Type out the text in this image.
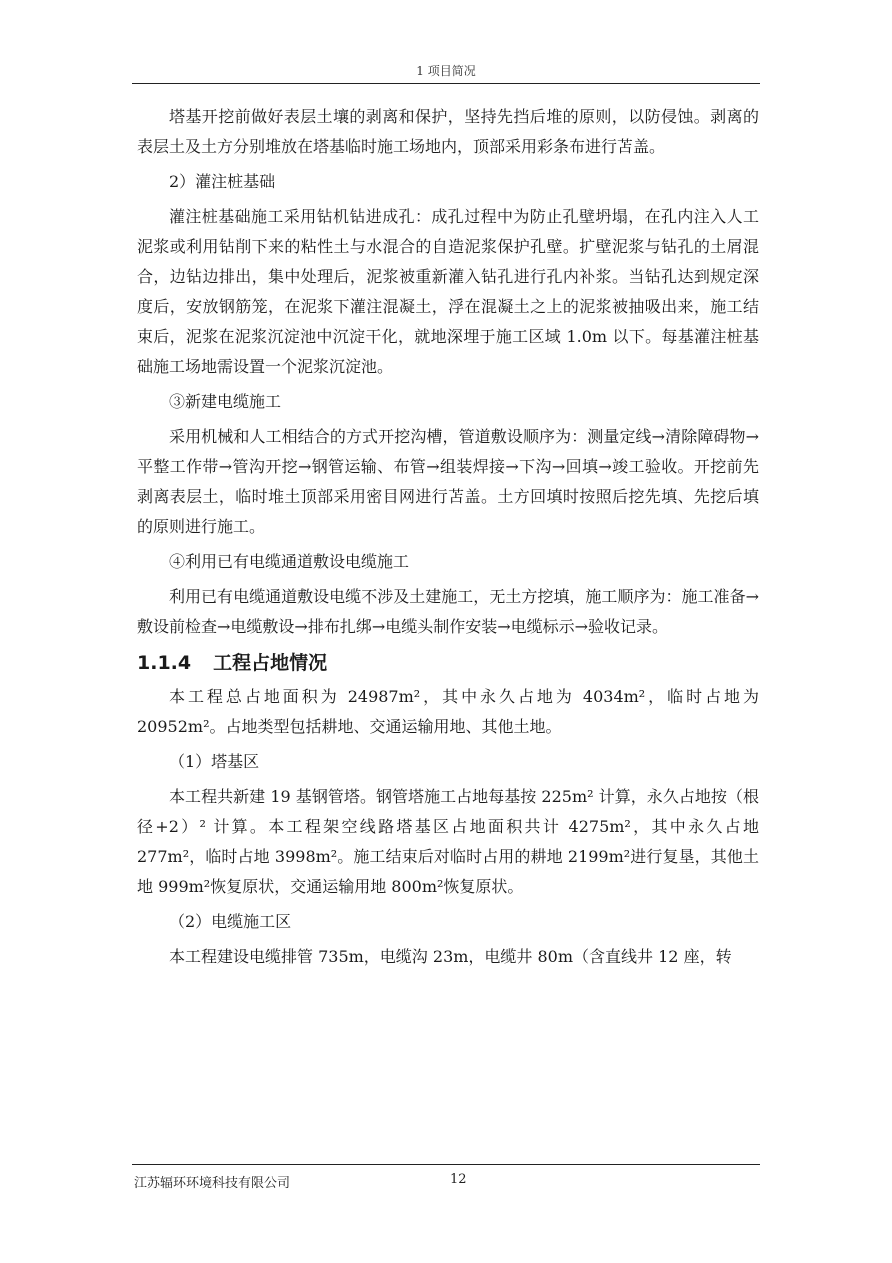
1 项目简况

塔基开挖前做好表层土壤的剥离和保护，坚持先挡后堆的原则，以防侵蚀。剥离的表层土及土方分别堆放在塔基临时施工场地内，顶部采用彩条布进行苫盖。

2）灌注桩基础

灌注桩基础施工采用钻机钻进成孔：成孔过程中为防止孔壁坍塌，在孔内注入人工泥浆或利用钻削下来的粘性土与水混合的自造泥浆保护孔壁。扩壁泥浆与钻孔的土屑混合，边钻边排出，集中处理后，泥浆被重新灌入钻孔进行孔内补浆。当钻孔达到规定深度后，安放钢筋笼，在泥浆下灌注混凝土，浮在混凝土之上的泥浆被抽吸出来，施工结束后，泥浆在泥浆沉淀池中沉淀干化，就地深埋于施工区域 1.0m 以下。每基灌注桩基础施工场地需设置一个泥浆沉淀池。

③新建电缆施工

采用机械和人工相结合的方式开挖沟槽，管道敷设顺序为：测量定线→清除障碍物→平整工作带→管沟开挖→钢管运输、布管→组装焊接→下沟→回填→竣工验收。开挖前先剥离表层土，临时堆土顶部采用密目网进行苫盖。土方回填时按照后挖先填、先挖后填的原则进行施工。

④利用已有电缆通道敷设电缆施工

利用已有电缆通道敷设电缆不涉及土建施工，无土方挖填，施工顺序为：施工准备→敷设前检查→电缆敷设→排布扎绑→电缆头制作安装→电缆标示→验收记录。

1.1.4 工程占地情况

本工程总占地面积为 24987m²，其中永久占地为 4034m²，临时占地为20952m²。占地类型包括耕地、交通运输用地、其他土地。

（1）塔基区

本工程共新建 19 基钢管塔。钢管塔施工占地每基按 225m² 计算，永久占地按（根径+2）² 计算。本工程架空线路塔基区占地面积共计 4275m²，其中永久占地 277m²，临时占地 3998m²。施工结束后对临时占用的耕地 2199m²进行复垦，其他土地 999m²恢复原状，交通运输用地 800m²恢复原状。

（2）电缆施工区

本工程建设电缆排管 735m，电缆沟 23m，电缆井 80m（含直线井 12 座，转

江苏辐环环境科技有限公司	12
